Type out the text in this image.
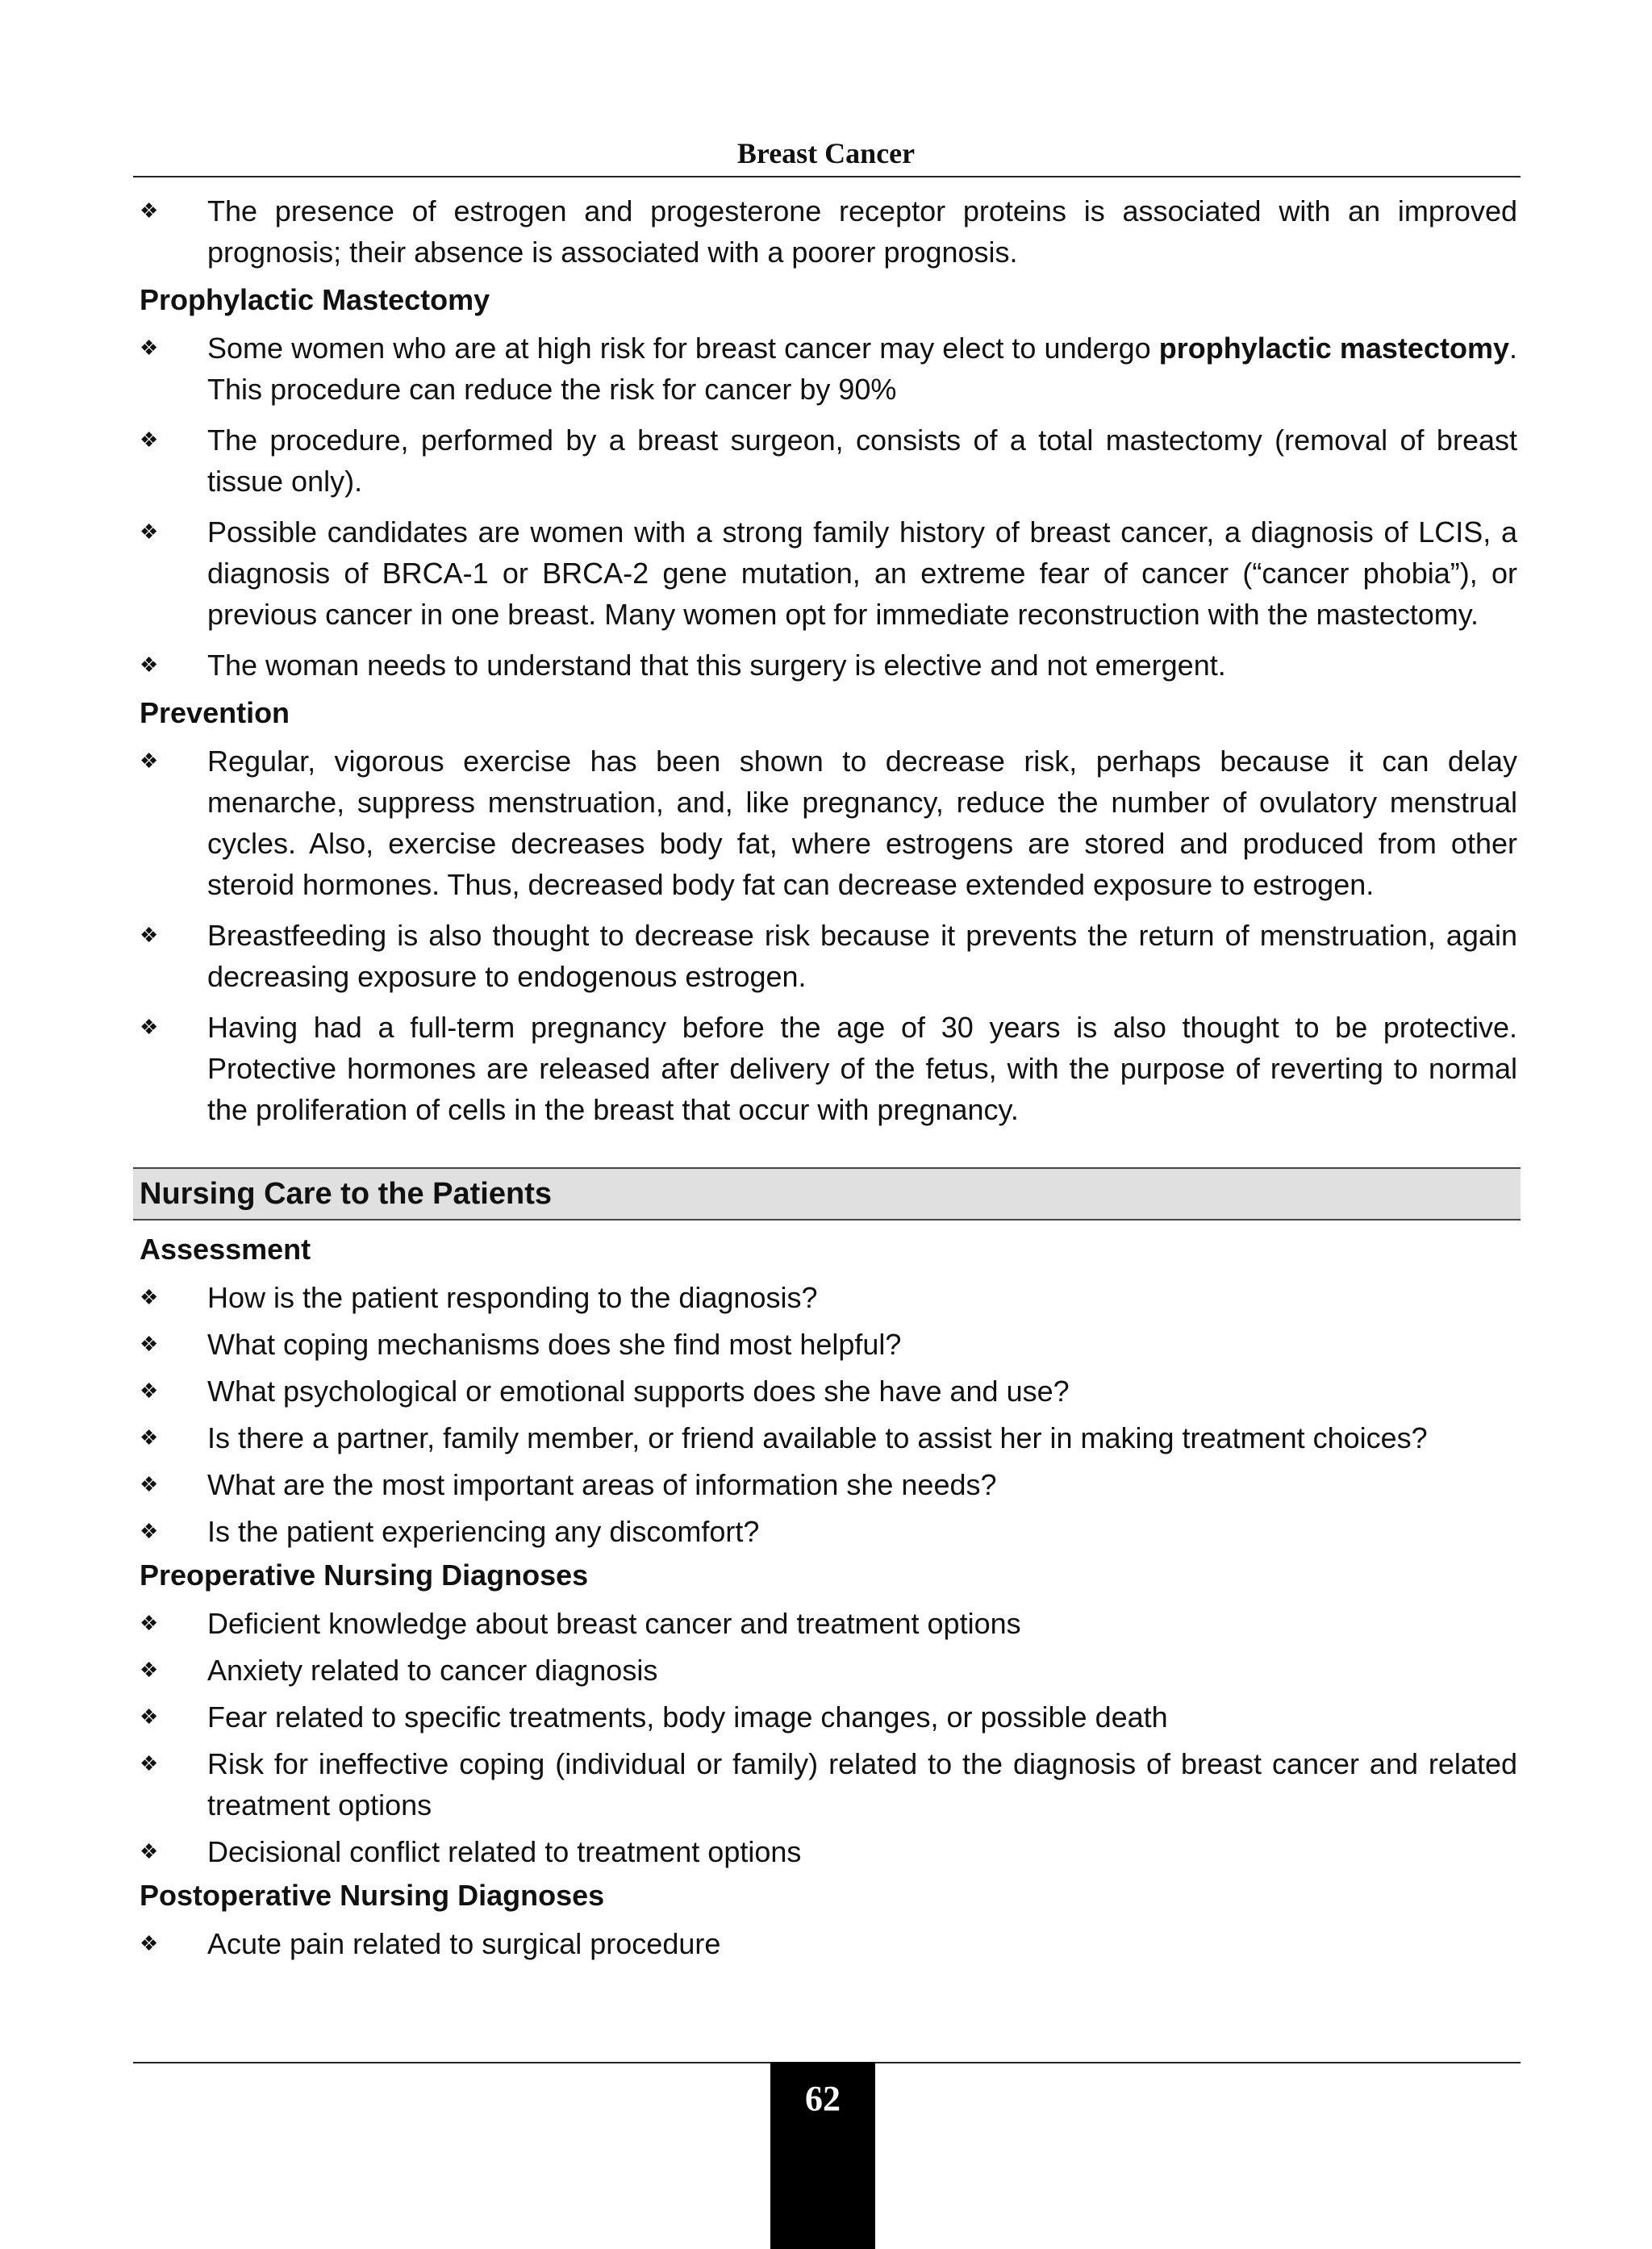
Breast Cancer
❖ The presence of estrogen and progesterone receptor proteins is associated with an improved prognosis; their absence is associated with a poorer prognosis.
Prophylactic Mastectomy
❖ Some women who are at high risk for breast cancer may elect to undergo prophylactic mastectomy. This procedure can reduce the risk for cancer by 90%
❖ The procedure, performed by a breast surgeon, consists of a total mastectomy (removal of breast tissue only).
❖ Possible candidates are women with a strong family history of breast cancer, a diagnosis of LCIS, a diagnosis of BRCA-1 or BRCA-2 gene mutation, an extreme fear of cancer (“cancer phobia”), or previous cancer in one breast. Many women opt for immediate reconstruction with the mastectomy.
❖ The woman needs to understand that this surgery is elective and not emergent.
Prevention
❖ Regular, vigorous exercise has been shown to decrease risk, perhaps because it can delay menarche, suppress menstruation, and, like pregnancy, reduce the number of ovulatory menstrual cycles. Also, exercise decreases body fat, where estrogens are stored and produced from other steroid hormones. Thus, decreased body fat can decrease extended exposure to estrogen.
❖ Breastfeeding is also thought to decrease risk because it prevents the return of menstruation, again decreasing exposure to endogenous estrogen.
❖ Having had a full-term pregnancy before the age of 30 years is also thought to be protective. Protective hormones are released after delivery of the fetus, with the purpose of reverting to normal the proliferation of cells in the breast that occur with pregnancy.
Nursing Care to the Patients
Assessment
❖ How is the patient responding to the diagnosis?
❖ What coping mechanisms does she find most helpful?
❖ What psychological or emotional supports does she have and use?
❖ Is there a partner, family member, or friend available to assist her in making treatment choices?
❖ What are the most important areas of information she needs?
❖ Is the patient experiencing any discomfort?
Preoperative Nursing Diagnoses
❖ Deficient knowledge about breast cancer and treatment options
❖ Anxiety related to cancer diagnosis
❖ Fear related to specific treatments, body image changes, or possible death
❖ Risk for ineffective coping (individual or family) related to the diagnosis of breast cancer and related treatment options
❖ Decisional conflict related to treatment options
Postoperative Nursing Diagnoses
❖ Acute pain related to surgical procedure
62
